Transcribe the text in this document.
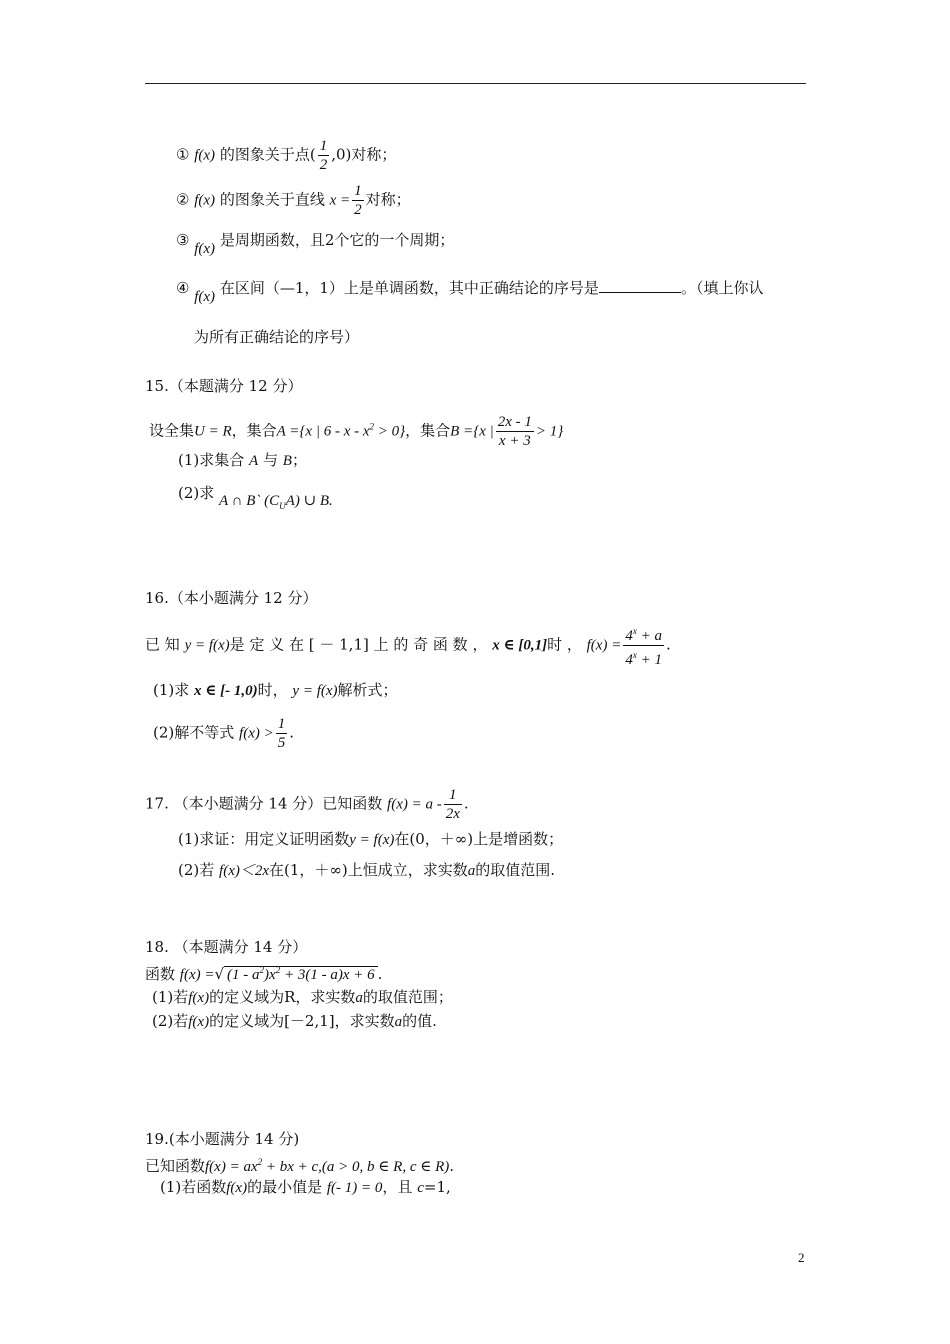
① f(x) 的图象关于点( $\frac{1}{2} ,0$)对称；
② f(x) 的图象关于直线 $x = \frac{1}{2}$ 对称；
③ f(x) 是周期函数，且2个它的一个周期；
④ f(x) 在区间（—1，1）上是单调函数，其中正确结论的序号是	。（填上你认
为所有正确结论的序号）
15.（本题满分 12 分）
设全集U = R，集合A ={x | $6 - x - x^2 > 0$}，集合B ={x | $\frac{2x - 1}{x + 3} > 1$}
(1)求集合 A 与 B；
(2)求 A ∩ B` $(C_UA)$ ∪ B.
16.（本小题满分 12 分）
已 知 y = f(x)是 定 义 在 [ － 1,1] 上 的 奇 函 数 ， x ∈ [0,1]时 ， $f(x) = \frac{4^x + a}{4^x + 1}$ .
(1)求 x ∈ [- 1,0)时， y = f(x)解析式；
(2)解不等式 $f(x) > \frac{1}{5}$ .
17. （本小题满分 14 分）已知函数 $f(x) = a - \frac{1}{2x}$ .
(1)求证：用定义证明函数y = f(x)在(0，＋∞)上是增函数；
(2)若 f(x)＜2x在(1，＋∞)上恒成立，求实数a的取值范围.
18. （本题满分 14 分）
函数 f(x) =√ $(1 - a^2)x^2 + 3(1 - a)x + 6$ .
(1)若f(x)的定义域为R，求实数a的取值范围；
(2)若f(x)的定义域为[－2,1]，求实数a的值.
19.(本小题满分 14 分)
已知函数$f(x) = ax^2$ + bx + c,(a > 0, b ∈ R, c ∈ R).
(1)若函数f(x)的最小值是 f(- 1) = 0，且 c=1,
2
